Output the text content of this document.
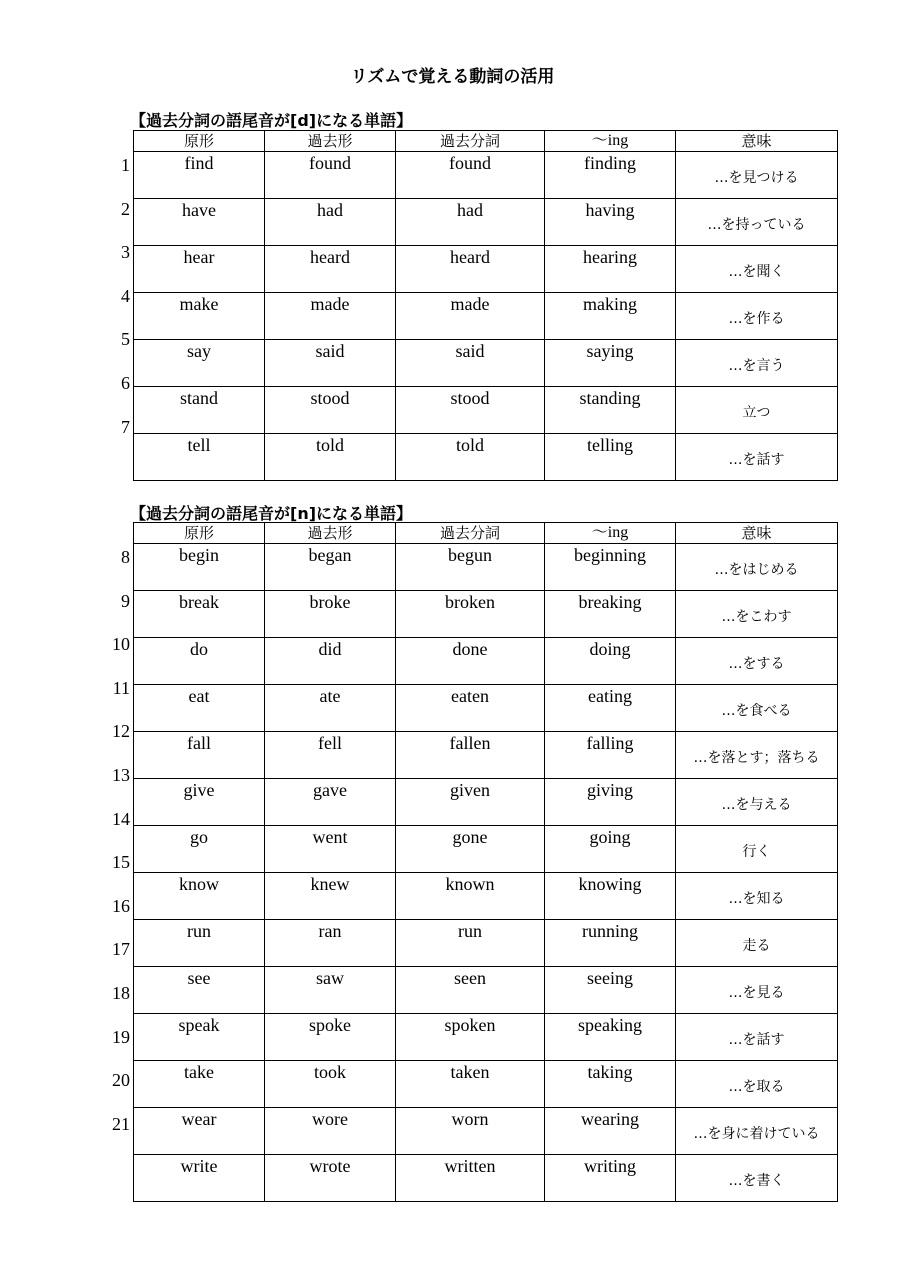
リズムで覚える動詞の活用
【過去分詞の語尾音が[d]になる単語】
1
2
3
4
5
6
7
原形	過去形	過去分詞	～ing	意味
find	found	found	finding	…を見つける
have	had	had	having	…を持っている
hear	heard	heard	hearing	…を聞く
make	made	made	making	…を作る
say	said	said	saying	…を言う
stand	stood	stood	standing	立つ
tell	told	told	telling	…を話す
【過去分詞の語尾音が[n]になる単語】
8
9
10
11
12
13
14
15
16
17
18
19
20
21
原形	過去形	過去分詞	～ing	意味
begin	began	begun	beginning	…をはじめる
break	broke	broken	breaking	…をこわす
do	did	done	doing	…をする
eat	ate	eaten	eating	…を食べる
fall	fell	fallen	falling	…を落とす；落ちる
give	gave	given	giving	…を与える
go	went	gone	going	行く
know	knew	known	knowing	…を知る
run	ran	run	running	走る
see	saw	seen	seeing	…を見る
speak	spoke	spoken	speaking	…を話す
take	took	taken	taking	…を取る
wear	wore	worn	wearing	…を身に着けている
write	wrote	written	writing	…を書く
